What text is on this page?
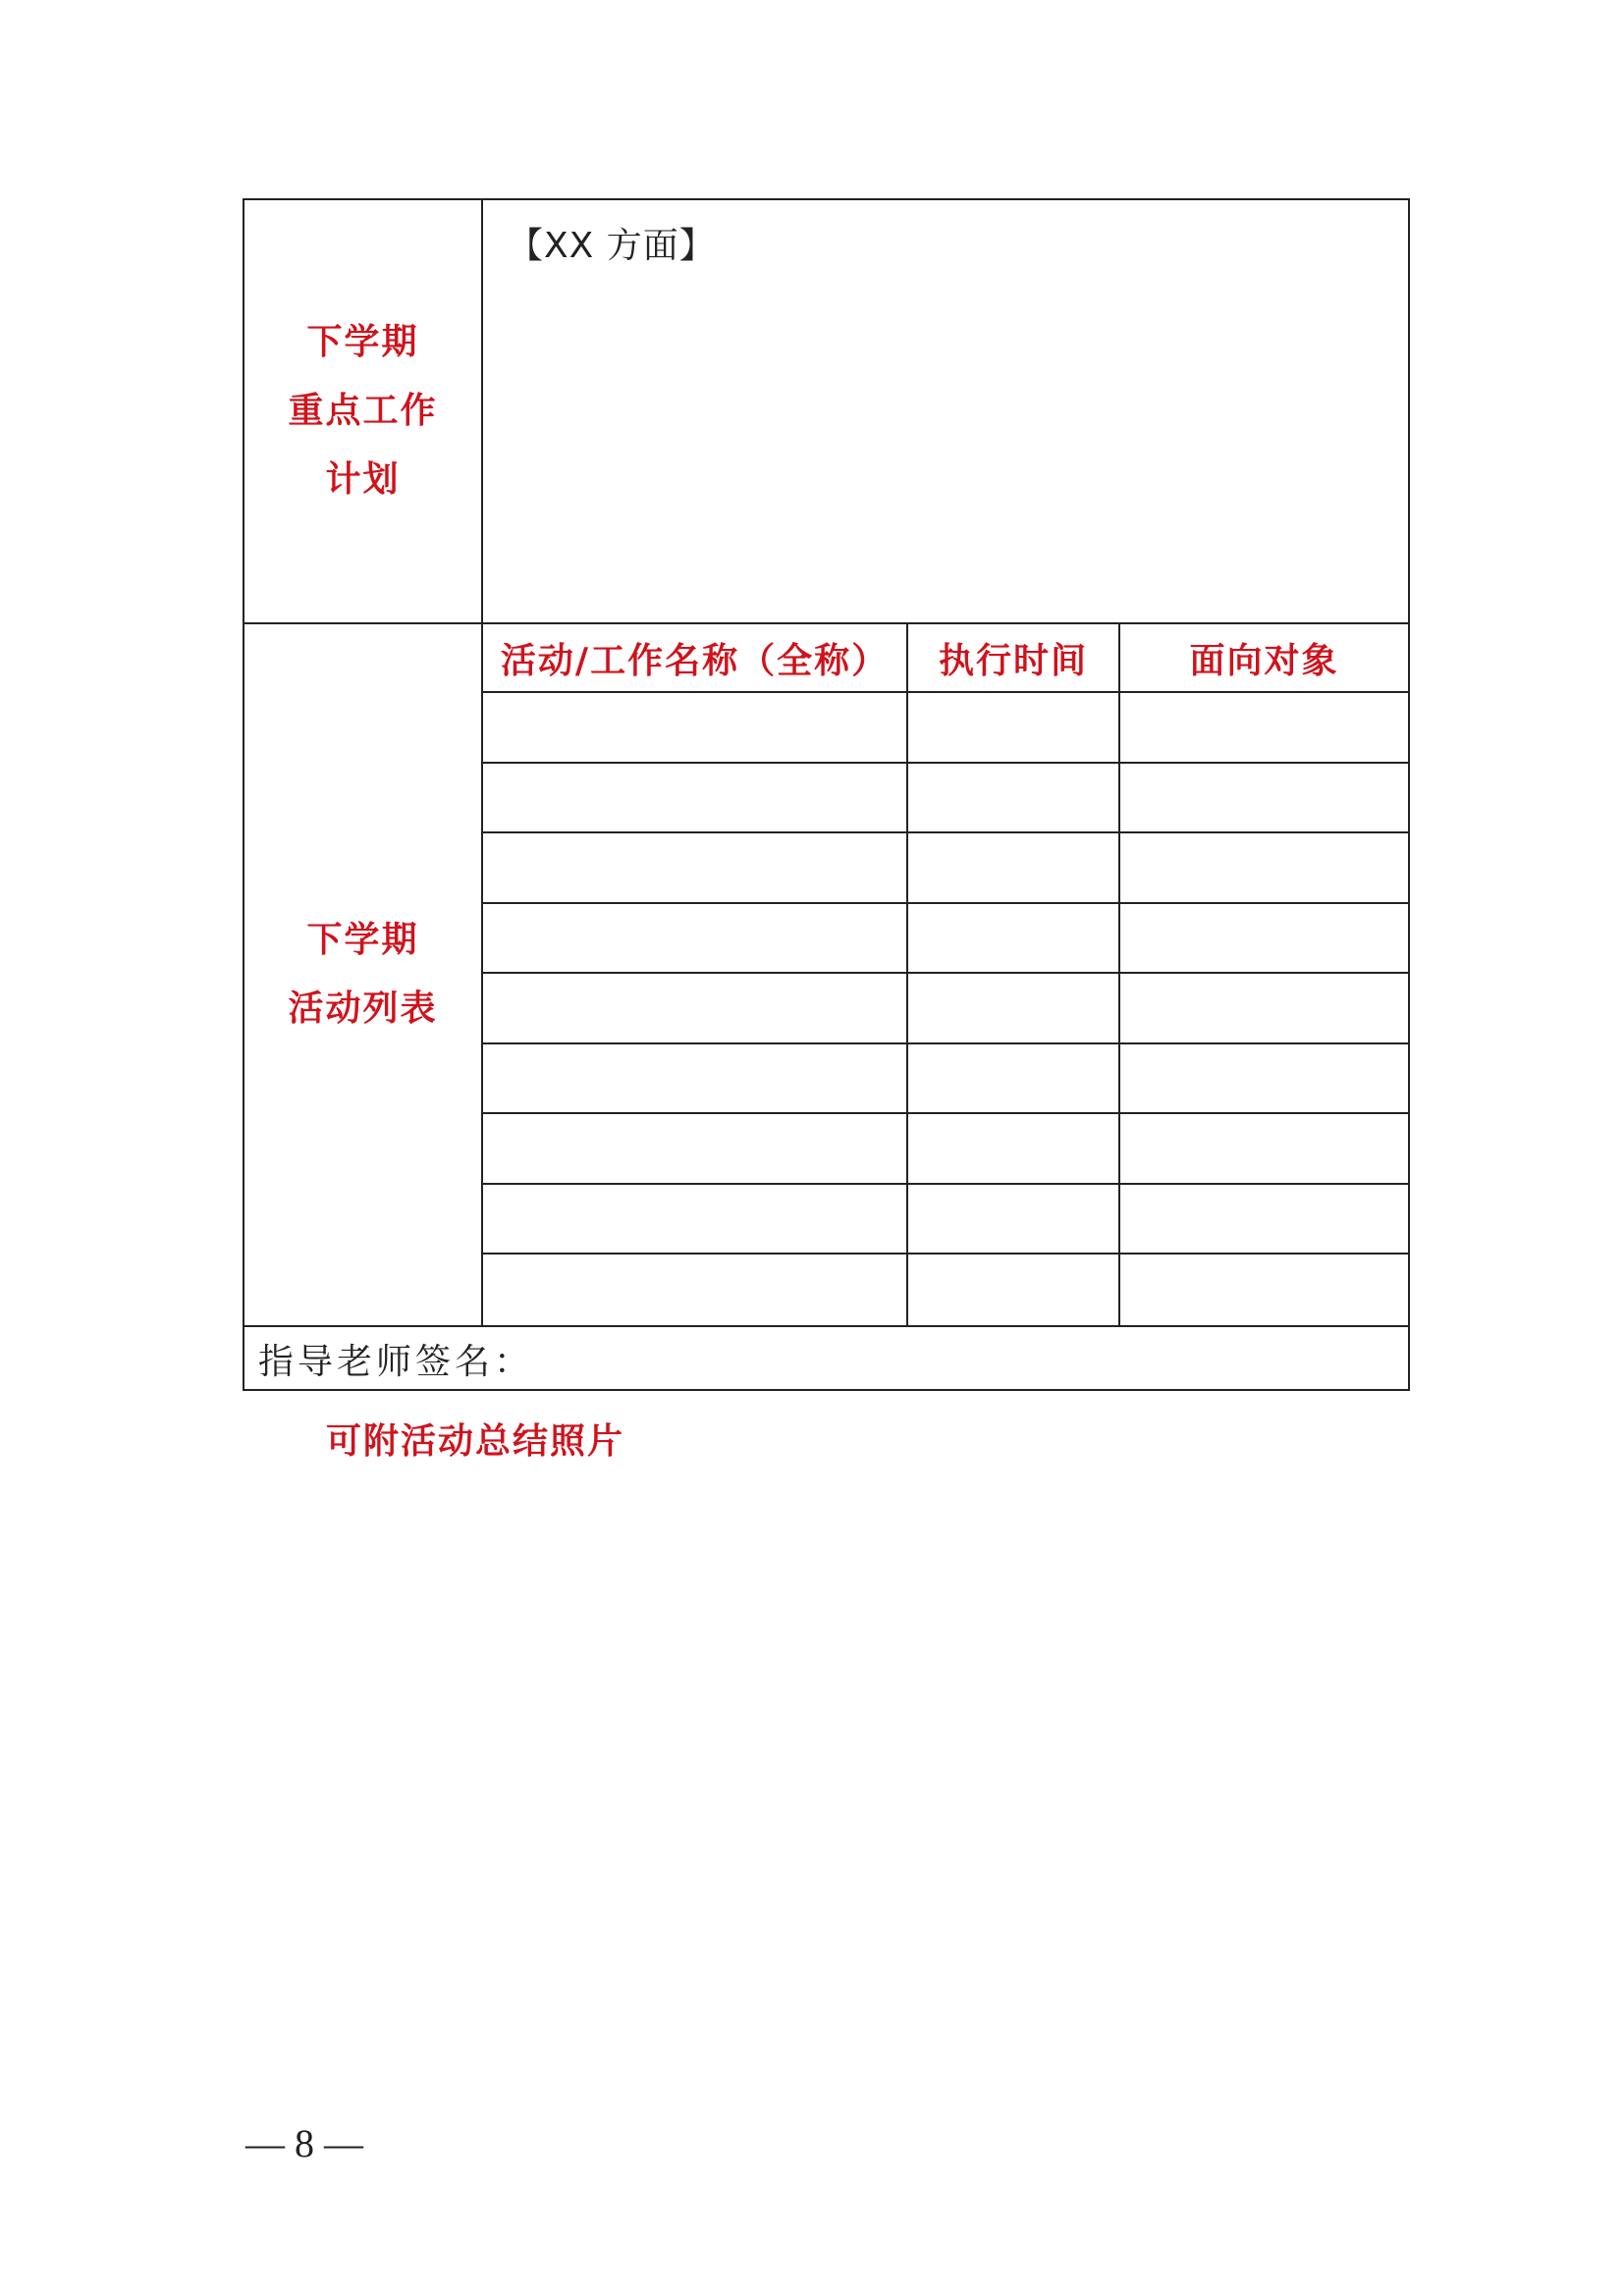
下学期
重点工作
计划
【XX 方面】
下学期
活动列表
活动/工作名称（全称）	执行时间	面向对象
指导老师签名：
可附活动总结照片
— 8 —
